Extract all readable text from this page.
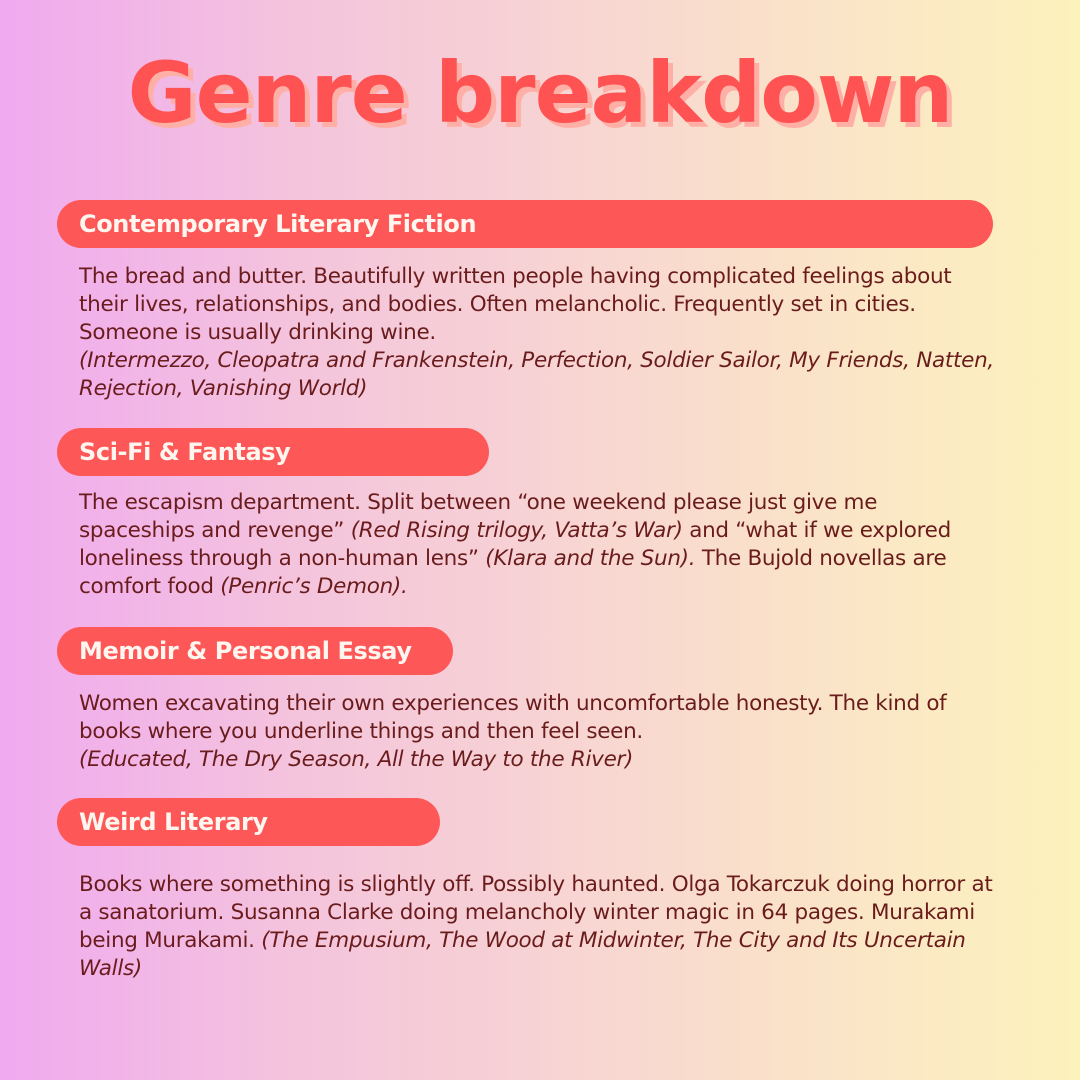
Genre breakdown
Contemporary Literary Fiction

The bread and butter. Beautifully written people having complicated feelings about their lives, relationships, and bodies. Often melancholic. Frequently set in cities. Someone is usually drinking wine.
(Intermezzo, Cleopatra and Frankenstein, Perfection, Soldier Sailor, My Friends, Natten, Rejection, Vanishing World)

Sci-Fi & Fantasy

The escapism department. Split between “one weekend please just give me spaceships and revenge” (Red Rising trilogy, Vatta’s War) and “what if we explored loneliness through a non-human lens” (Klara and the Sun). The Bujold novellas are comfort food (Penric’s Demon).

Memoir & Personal Essay

Women excavating their own experiences with uncomfortable honesty. The kind of books where you underline things and then feel seen.
(Educated, The Dry Season, All the Way to the River)

Weird Literary

Books where something is slightly off. Possibly haunted. Olga Tokarczuk doing horror at a sanatorium. Susanna Clarke doing melancholy winter magic in 64 pages. Murakami being Murakami. (The Empusium, The Wood at Midwinter, The City and Its Uncertain Walls)
